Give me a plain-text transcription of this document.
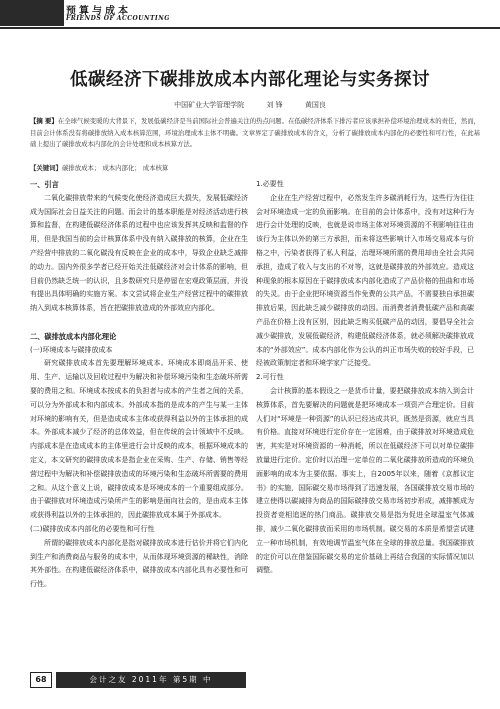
预算与成本
FRIENDS OF ACCOUNTING
低碳经济下碳排放成本内部化理论与实务探讨
中国矿业大学管理学院	刘 锋	黄国良
【摘 要】在全球气候变暖的大背景下，发展低碳经济是当前国际社会普遍关注的热点问题。在低碳经济体系下排污者应该承担补偿环境治理成本的责任，然而，目前会计体系没有将碳排放纳入成本核算范围，环境治理成本主体不明确。文章界定了碳排放成本的含义，分析了碳排放成本内部化的必要性和可行性，在此基础上提出了碳排放成本内部化的会计处理和成本核算方法。
【关键词】碳排放成本； 成本内部化； 成本核算
一、引言

二氧化碳排放带来的气候变化使经济造成巨大损失，发展低碳经济成为国际社会日益关注的问题。而会计的基本职能是对经济活动进行核算和监督，在构建低碳经济体系的过程中也应该发挥其反映和监督的作用，但是我国当前的会计核算体系中没有纳入碳排放的核算，企业在生产经营中排放的二氧化碳没有反映在企业的成本中，导致企业缺乏减排的动力。国内外很多学者已经开始关注低碳经济对会计体系的影响，但目前仍然缺乏统一的认识，且多数研究只是停留在宏观政策层面，并没有提出具体明确的实施方案。本文尝试将企业生产经营过程中的碳排放纳入到成本核算体系，旨在把碳排放造成的外部效应内部化。

二、碳排放成本内部化理论
(一)环境成本与碳排放成本

研究碳排放成本首先要理解环境成本。环境成本即商品开采、使用、生产、运输以及回收过程中为解决和补偿环境污染和生态破坏所需要的费用之和。环境成本按成本的负担者与成本的产生者之间的关系，可以分为外部成本和内部成本。外部成本指的是成本的产生与某一主体对环境的影响有关，但是造成成本主体或获得利益以外的主体承担的成本。外部成本减少了经济的总体效益，但在传统的会计领域中不反映。内部成本是在造成成本的主体里进行会计反映的成本，根据环境成本的定义，本文研究的碳排放成本是指企业在采购、生产、存储、销售等经营过程中为解决和补偿碳排放造成的环境污染和生态破坏所需要的费用之和。从这个意义上说，碳排放成本是环境成本的一个重要组成部分。由于碳排放对环境造成污染所产生的影响是面向社会的，是由成本主体或获得利益以外的主体承担的，因此碳排放成本属于外部成本。

(二)碳排放成本内部化的必要性和可行性

所谓的碳排放成本内部化是指对碳排放成本进行估价并将它们内化到生产和消费商品与服务的成本中，从而体现环境资源的稀缺性，消除其外部性。在构建低碳经济体系中，碳排放成本内部化具有必要性和可行性。

1.必要性

企业在生产经营过程中，必然发生许多碳消耗行为，这些行为往往会对环境造成一定的负面影响。在目前的会计体系中，没有对这种行为进行会计处理的反映，也就是说市场主体对环境资源的不利影响往往由该行为主体以外的第三方承担，而未将这些影响计入市场交易成本与价格之中，污染者获得了私人利益，治理环境所需的费用却由全社会共同承担，造成了收入与支出的不对等，这就是碳排放的外部效应。造成这种现象的根本原因在于碳排放成本内部化造成了产品价格的扭曲和市场的失灵。由于企业把环境资源当作免费的公共产品，不需要独自承担碳排放后果，因此缺乏减少碳排放的动因。而消费者消费低碳产品和高碳产品在价格上没有区别，因此缺乏购买低碳产品的动因，要倡导全社会减少碳排放，发展低碳经济，构建低碳经济体系，就必须解决碳排放成本的“外部效应”。成本内部化作为公认的纠正市场失败的较好手段，已经被政策制定者和环境学家广泛接受。

2.可行性

会计核算的基本假设之一是货币计量，要把碳排放成本纳入到会计核算体系，首先要解决的问题就是把环境成本一项资产合理定价。目前人们对“环境是一种资源”的认识已经达成共识，既然是资源，就应当具有价格。直接对环境进行定价存在一定困难，由于碳排放对环境造成危害，其实是对环境资源的一种消耗，所以在低碳经济下可以对单位碳排放量进行定价。定价时以治理一定单位的二氧化碳排放所造成的环境负面影响的成本为主要依据。事实上，自2005年以来，随着《京都议定书》的实施，国际碳交易市场得到了迅速发展，各国碳排放交易市场的建立使得以碳减排为商品的国际碳排放交易市场初步形成，减排额成为投资者竞相追逐的热门商品。碳排放交易是指为促进全球温室气体减排，减少二氧化碳排放而采用的市场机制。碳交易的本质是希望尝试建立一种市场机制，有效地调节温室气体在全球的排放总量。我国碳排放的定价可以在借鉴国际碳交易的定价基础上再结合我国的实际情况加以调整。

68	会计之友 2011年 第5期 中
